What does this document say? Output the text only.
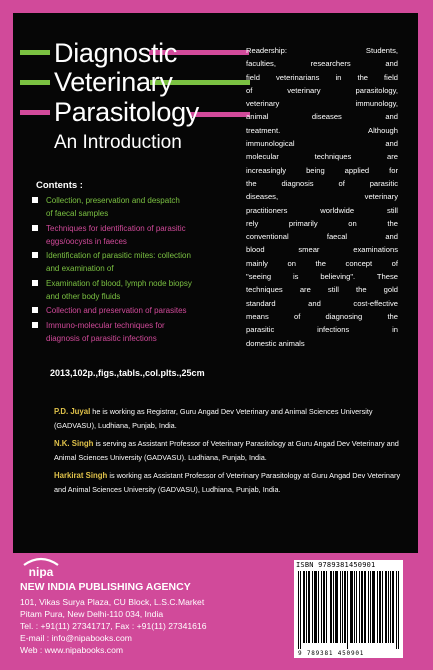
Diagnostic
Veterinary
Parasitology
An Introduction
Contents :
Collection, preservation and despatch
of faecal samples
Techniques for identification of parasitic
eggs/oocysts in faeces
Identification of parasitic mites: collection
and examination of
Examination of blood, lymph node biopsy
and other body fluids
Collection and preservation of parasites
Immuno-molecular techniques for
diagnosis of parasitic infections
2013,102p.,figs.,tabls.,col.plts.,25cm
Readership: Students,
faculties, researchers and
field veterinarians in the field
of veterinary parasitology,
veterinary immunology,
animal diseases and
treatment. Although
immunological and
molecular techniques are
increasingly being applied for
the diagnosis of parasitic
diseases, veterinary
practitioners worldwide still
rely primarily on the
conventional faecal and
blood smear examinations
mainly on the concept of
"seeing is believing". These
techniques are still the gold
standard and cost-effective
means of diagnosing the
parasitic infections in
domestic animals
P.D. Juyal he is working as Registrar, Guru Angad Dev Veterinary and Animal Sciences University (GADVASU), Ludhiana, Punjab, India.
N.K. Singh is serving as Assistant Professor of Veterinary Parasitology at Guru Angad Dev Veterinary and Animal Sciences University (GADVASU). Ludhiana, Punjab, India.
Harkirat Singh is working as Assistant Professor of Veterinary Parasitology at Guru Angad Dev Veterinary and Animal Sciences University (GADVASU), Ludhiana, Punjab, India.
nipa
NEW INDIA PUBLISHING AGENCY
101, Vikas Surya Plaza, CU Block, L.S.C.Market
Pitam Pura, New Delhi-110 034, India
Tel. : +91(11) 27341717, Fax : +91(11) 27341616
E-mail : info@nipabooks.com
Web : www.nipabooks.com
ISBN 9789381450901
9 789381 450901
